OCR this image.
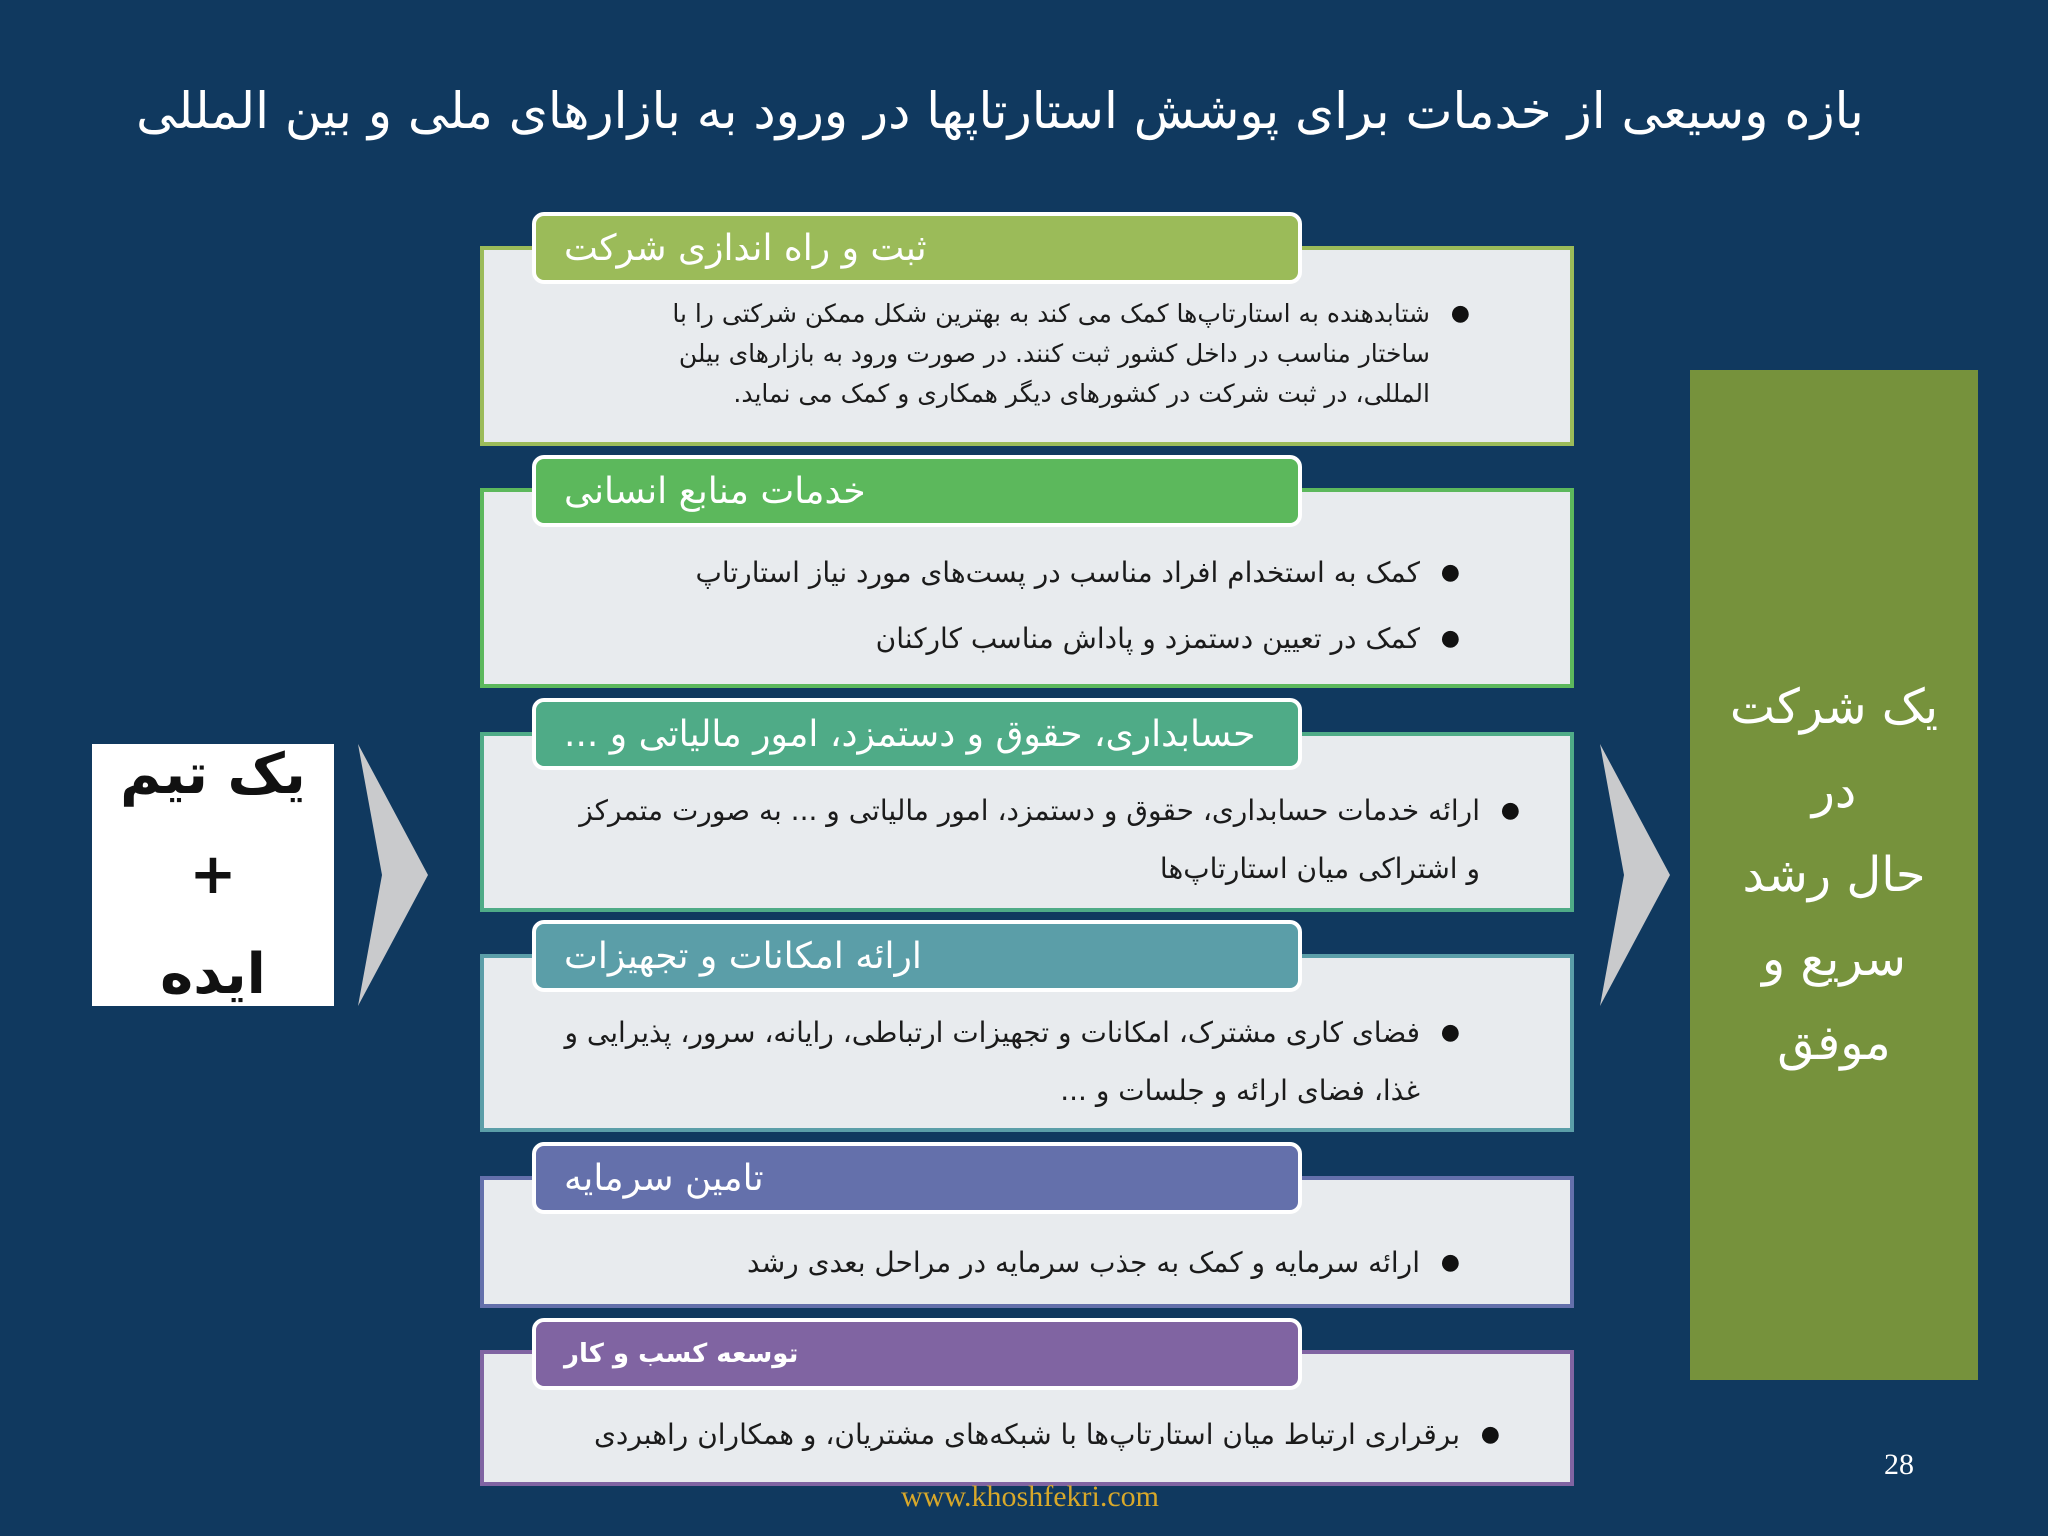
بازه وسیعی از خدمات برای پوشش استارتاپها در ورود به بازارهای ملی و بین المللی
یک تیم +
ایده
● شتابدهنده به استارتاپ‌ها کمک می کند به بهترین شکل ممکن شرکتی را با ساختار مناسب در داخل کشور ثبت کنند. در صورت ورود به بازارهای بیلن المللی، در ثبت شرکت در کشورهای دیگر همکاری و کمک می نماید.
ثبت و راه اندازی شرکت
● کمک به استخدام افراد مناسب در پست‌های مورد نیاز استارتاپ
● کمک در تعیین دستمزد و پاداش مناسب کارکنان
خدمات منابع انسانی
● ارائه خدمات حسابداری، حقوق و دستمزد، امور مالیاتی و ... به صورت متمرکز و اشتراکی میان استارتاپ‌ها
حسابداری، حقوق و دستمزد، امور مالیاتی و ...
● فضای کاری مشترک، امکانات و تجهیزات ارتباطی، رایانه، سرور، پذیرایی و غذا، فضای ارائه و جلسات و ...
ارائه امکانات و تجهیزات
● ارائه سرمایه و کمک به جذب سرمایه در مراحل بعدی رشد
تامین سرمایه
● برقراری ارتباط میان استارتاپ‌ها با شبکه‌های مشتریان، و همکاران راهبردی
توسعه کسب و کار
یک شرکت در
حال رشد
سریع و موفق
28
www.khoshfekri.com
